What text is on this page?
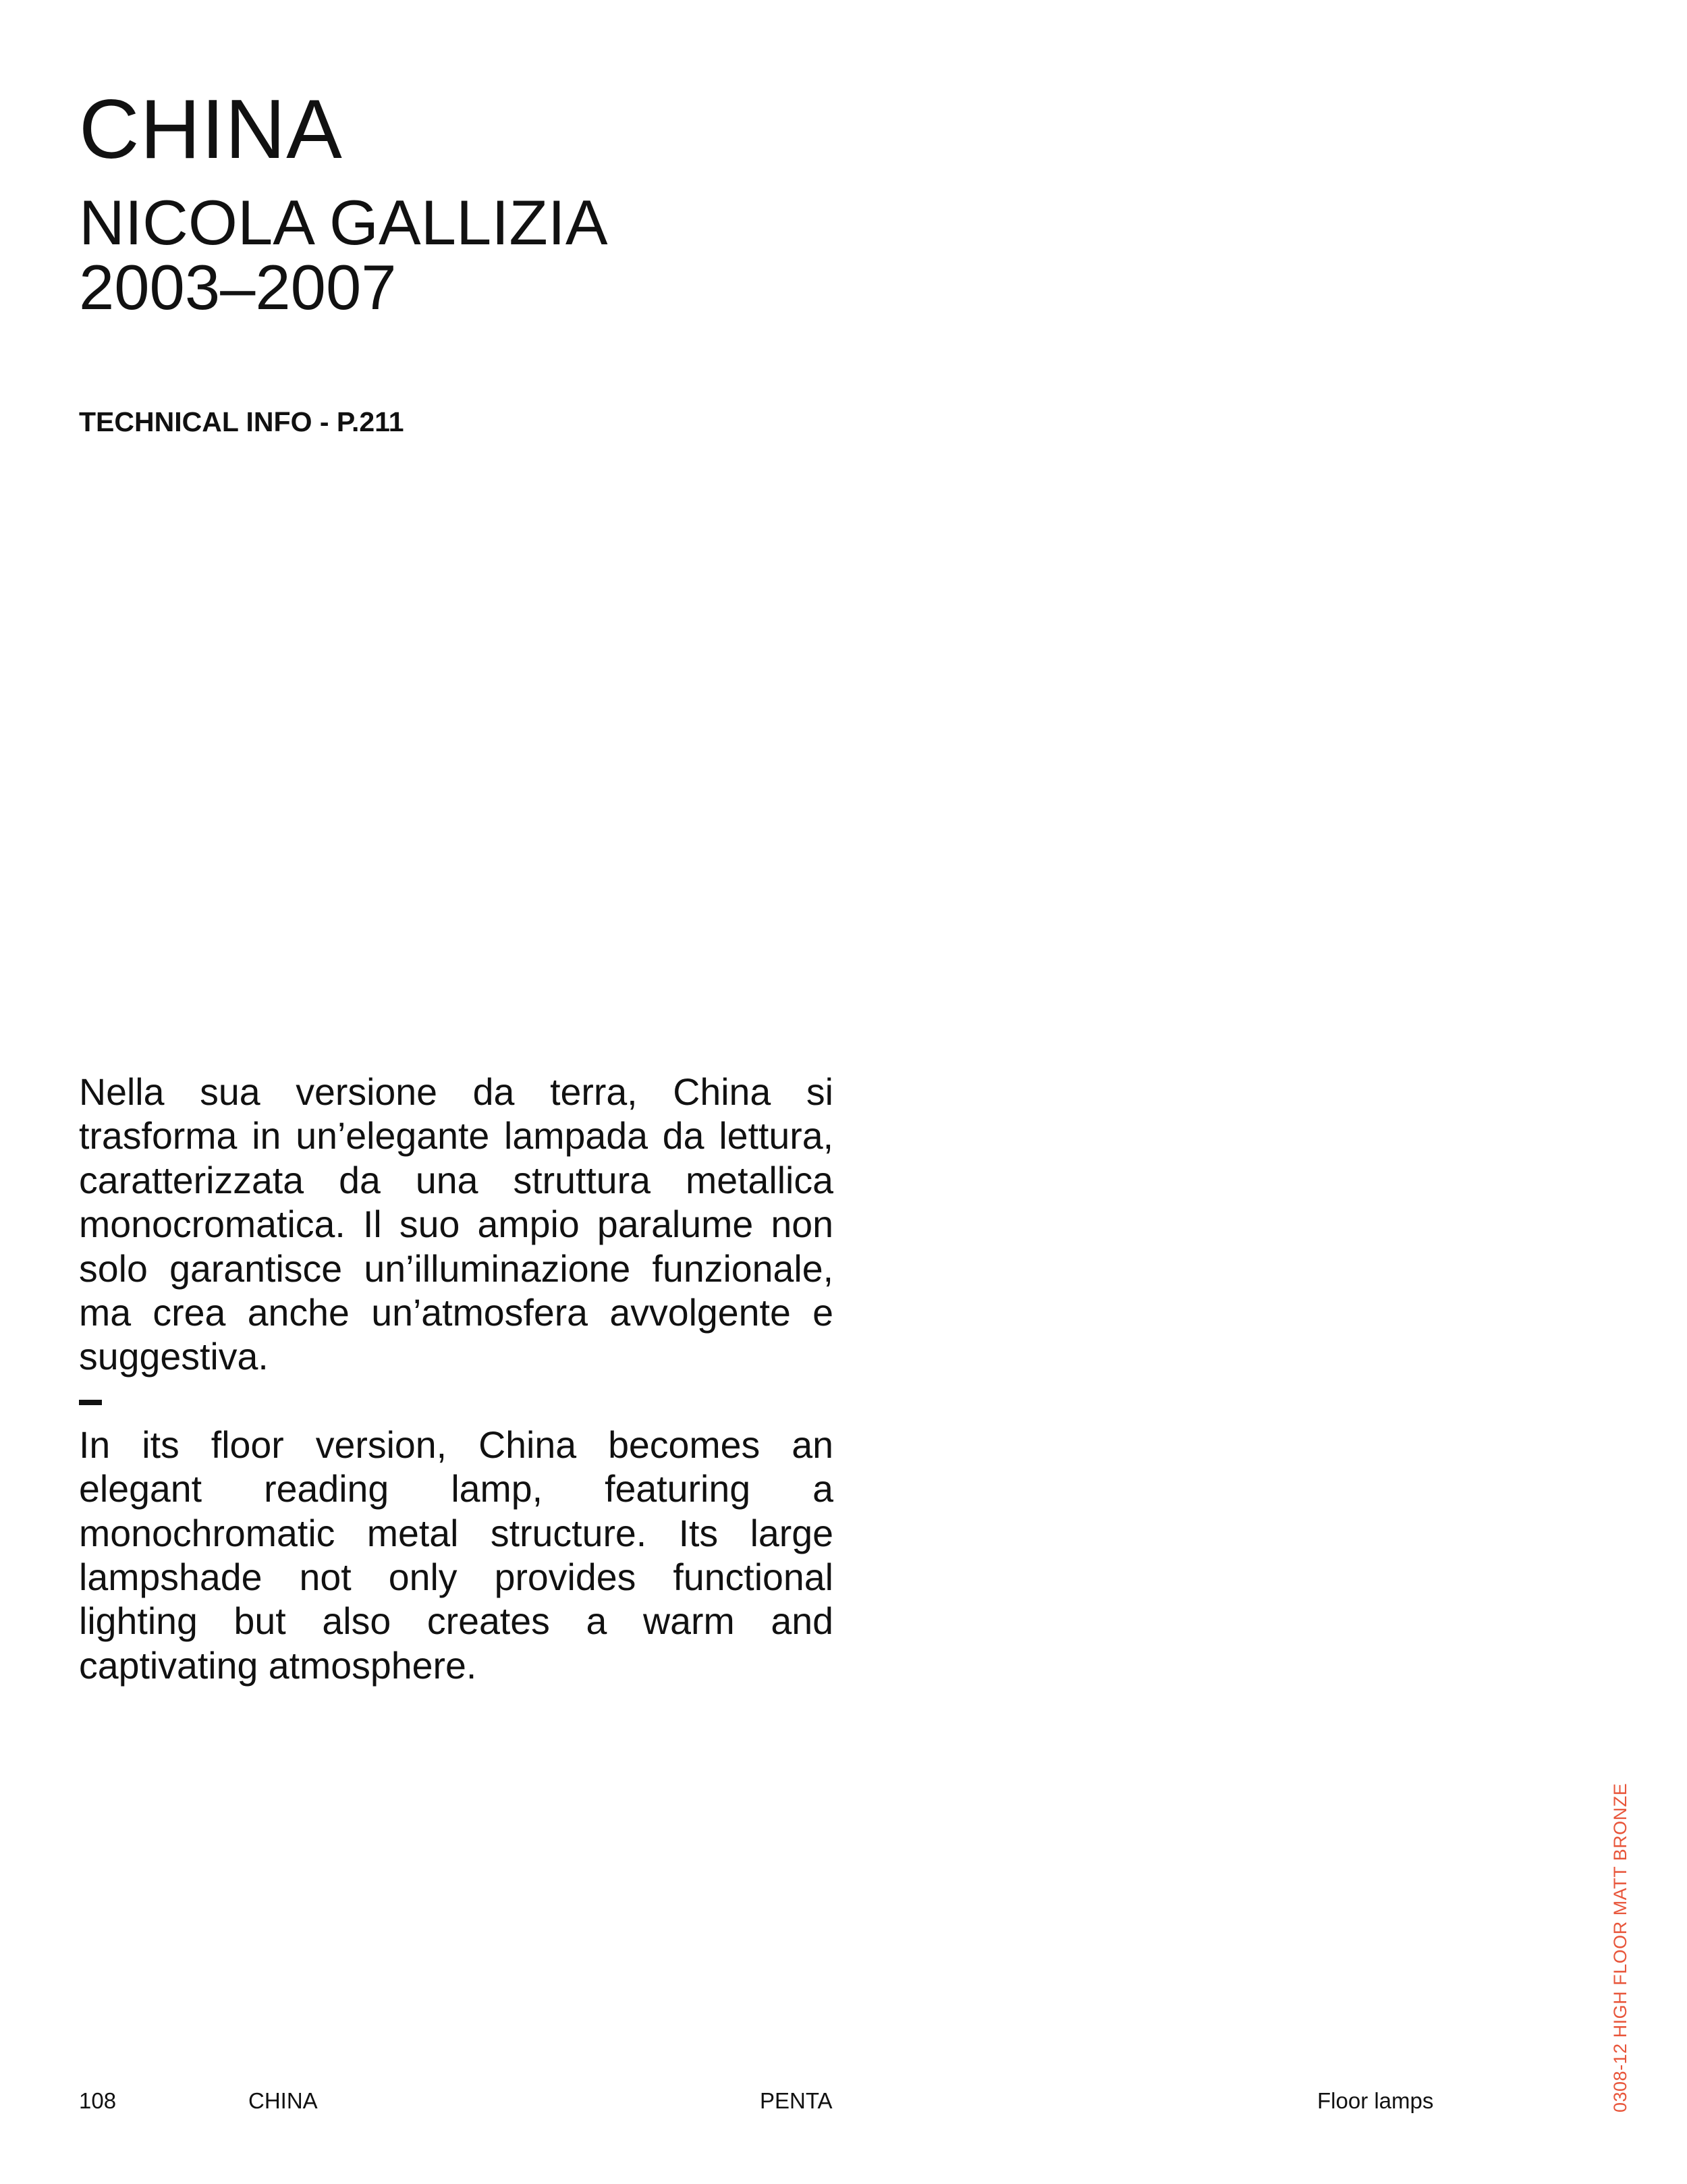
CHINA
NICOLA GALLIZIA
2003–2007
TECHNICAL INFO - P.211

Nella sua versione da terra, China si trasforma in un’elegante lampada da lettura, caratterizzata da una struttura metallica monocromatica. Il suo ampio paralume non solo garantisce un’illuminazione funzionale, ma crea anche un’atmosfera avvolgente e suggestiva.

In its floor version, China becomes an elegant reading lamp, featuring a monochromatic metal structure. Its large lampshade not only provides functional lighting but also creates a warm and captivating atmosphere.

108	CHINA	PENTA	Floor lamps	0308-12 HIGH FLOOR MATT BRONZE
